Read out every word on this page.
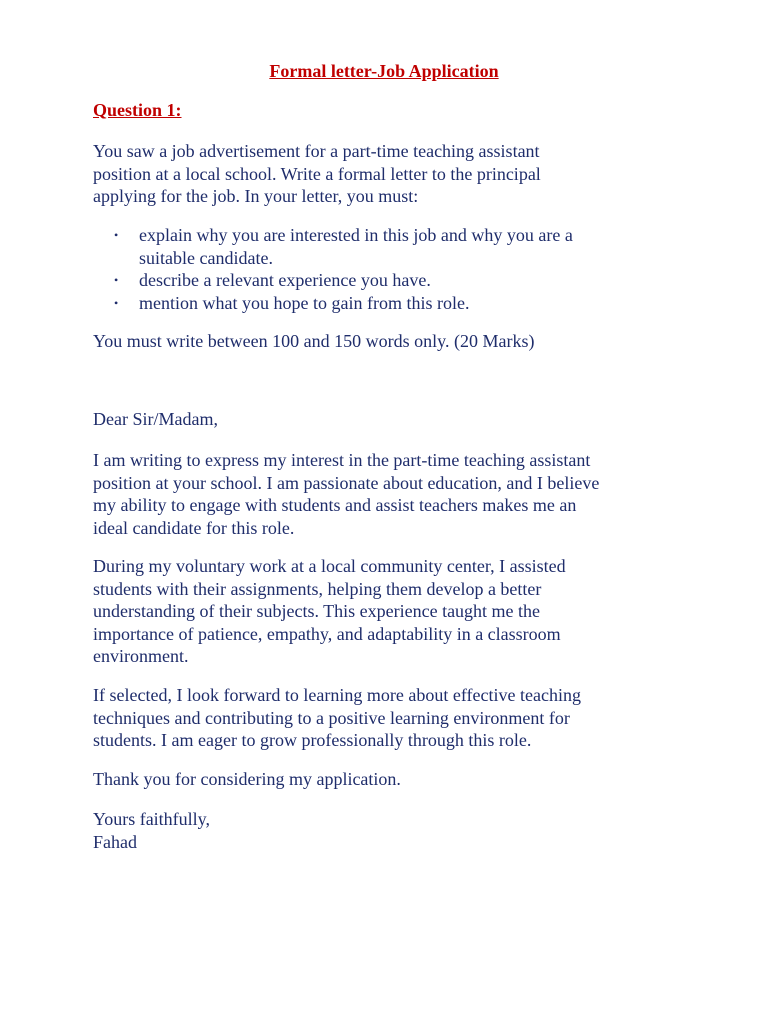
Formal letter-Job Application
Question 1:
You saw a job advertisement for a part-time teaching assistant
position at a local school. Write a formal letter to the principal
applying for the job. In your letter, you must:
• explain why you are interested in this job and why you are a
suitable candidate.
• describe a relevant experience you have.
• mention what you hope to gain from this role.
You must write between 100 and 150 words only. (20 Marks)
Dear Sir/Madam,
I am writing to express my interest in the part-time teaching assistant
position at your school. I am passionate about education, and I believe
my ability to engage with students and assist teachers makes me an
ideal candidate for this role.
During my voluntary work at a local community center, I assisted
students with their assignments, helping them develop a better
understanding of their subjects. This experience taught me the
importance of patience, empathy, and adaptability in a classroom
environment.
If selected, I look forward to learning more about effective teaching
techniques and contributing to a positive learning environment for
students. I am eager to grow professionally through this role.
Thank you for considering my application.
Yours faithfully,
Fahad
